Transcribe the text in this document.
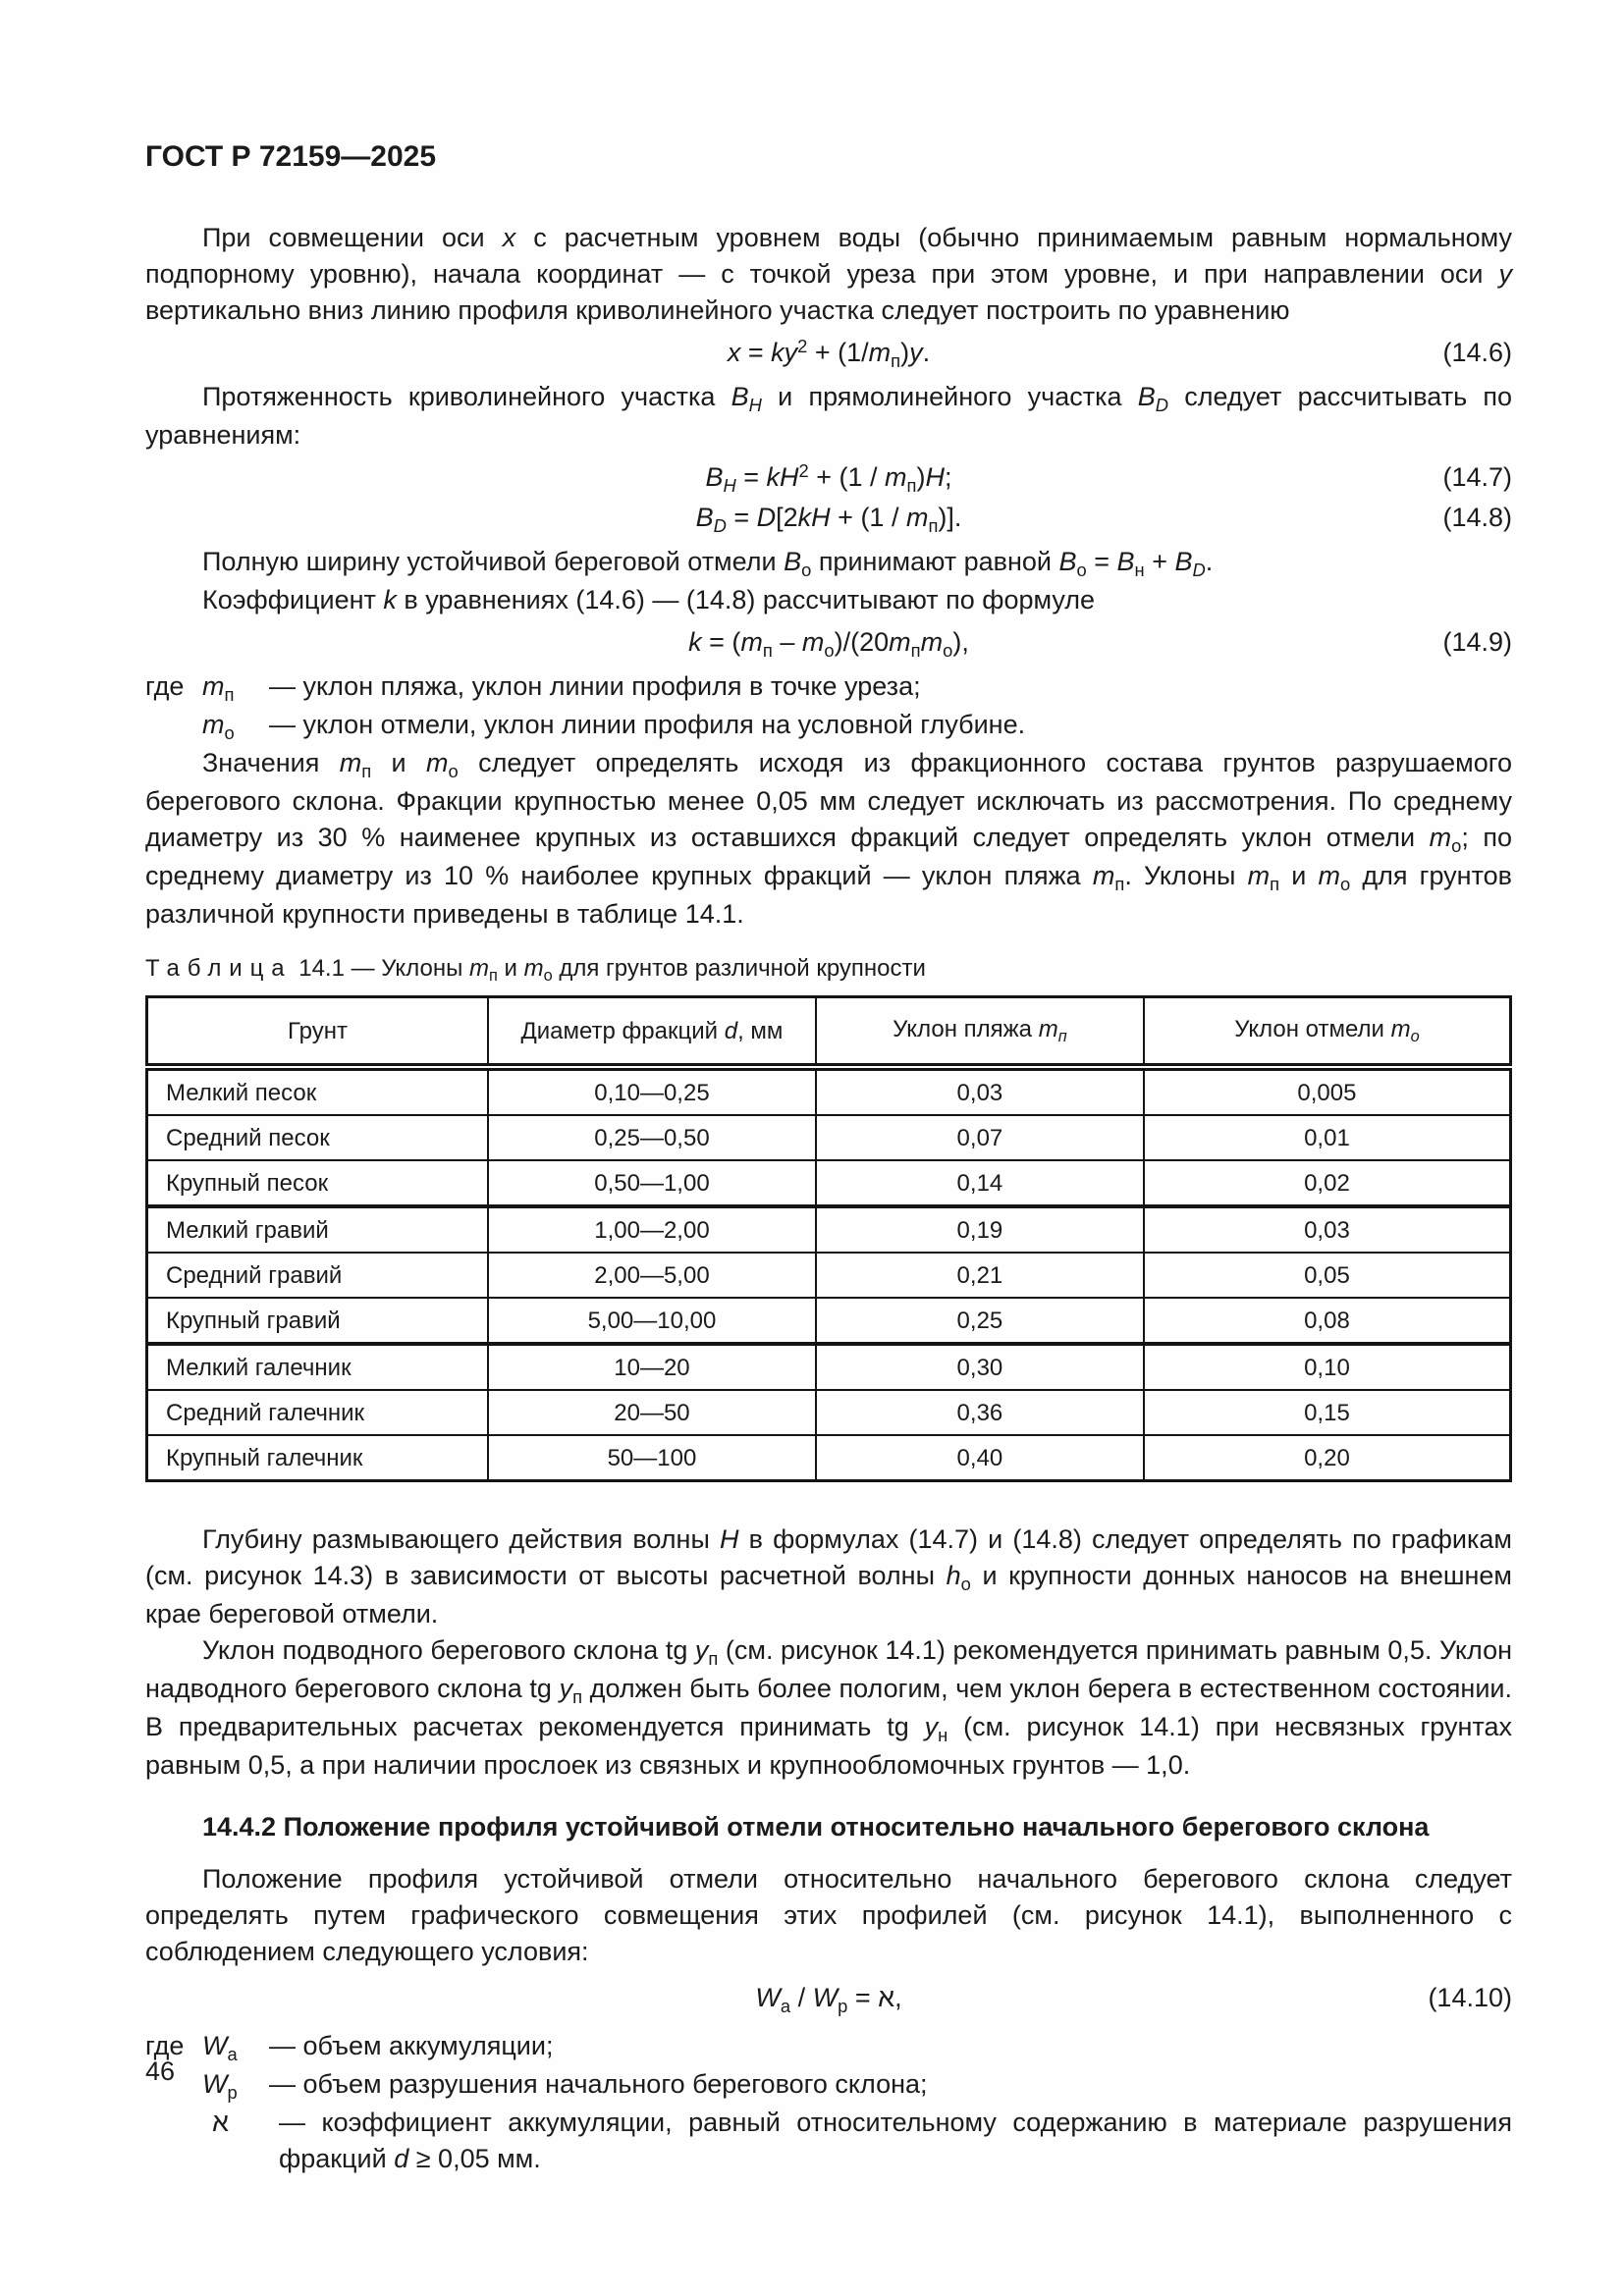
ГОСТ Р 72159—2025

При совмещении оси x с расчетным уровнем воды (обычно принимаемым равным нормальному подпорному уровню), начала координат — с точкой уреза при этом уровне, и при направлении оси y вертикально вниз линию профиля криволинейного участка следует построить по уравнению

$x = ky^2 + (1/m_п)y$.	(14.6)

Протяженность криволинейного участка $B_H$ и прямолинейного участка $B_D$ следует рассчитывать по уравнениям:

$B_H = kH^2 + (1 / m_п)H$;	(14.7)
$B_D = D[2kH + (1 / m_п)]$.	(14.8)

Полную ширину устойчивой береговой отмели $B_о$ принимают равной $B_о = B_н + B_D$.

Коэффициент k в уравнениях (14.6) — (14.8) рассчитывают по формуле

$k = (m_п - m_о)/(20m_пm_о)$,	(14.9)
где $m_п$	— уклон пляжа, уклон линии профиля в точке уреза;
$m_о$	— уклон отмели, уклон линии профиля на условной глубине.

Значения $m_п$ и $m_о$ следует определять исходя из фракционного состава грунтов разрушаемого берегового склона. Фракции крупностью менее 0,05 мм следует исключать из рассмотрения. По среднему диаметру из 30 % наименее крупных из оставшихся фракций следует определять уклон отмели $m_о$; по среднему диаметру из 10 % наиболее крупных фракций — уклон пляжа $m_п$. Уклоны $m_п$ и $m_о$ для грунтов различной крупности приведены в таблице 14.1.

Таблица 14.1 — Уклоны $m_п$ и $m_о$ для грунтов различной крупности
Грунт	Диаметр фракций d, мм	Уклон пляжа $m_п$	Уклон отмели $m_о$
Мелкий песок	0,10—0,25	0,03	0,005
Средний песок	0,25—0,50	0,07	0,01
Крупный песок	0,50—1,00	0,14	0,02
Мелкий гравий	1,00—2,00	0,19	0,03
Средний гравий	2,00—5,00	0,21	0,05
Крупный гравий	5,00—10,00	0,25	0,08
Мелкий галечник	10—20	0,30	0,10
Средний галечник	20—50	0,36	0,15
Крупный галечник	50—100	0,40	0,20

Глубину размывающего действия волны H в формулах (14.7) и (14.8) следует определять по графикам (см. рисунок 14.3) в зависимости от высоты расчетной волны $h_о$ и крупности донных наносов на внешнем крае береговой отмели.

Уклон подводного берегового склона tg $y_п$ (см. рисунок 14.1) рекомендуется принимать равным 0,5. Уклон надводного берегового склона tg $y_п$ должен быть более пологим, чем уклон берега в естественном состоянии. В предварительных расчетах рекомендуется принимать tg $y_н$ (см. рисунок 14.1) при несвязных грунтах равным 0,5, а при наличии прослоек из связных и крупнообломочных грунтов — 1,0.

14.4.2 Положение профиля устойчивой отмели относительно начального берегового склона

Положение профиля устойчивой отмели относительно начального берегового склона следует определять путем графического совмещения этих профилей (см. рисунок 14.1), выполненного с соблюдением следующего условия:

$W_а / W_р$ = א,	(14.10)
где $W_а$	— объем аккумуляции;
$W_р$	— объем разрушения начального берегового склона;
א	— коэффициент аккумуляции, равный относительному содержанию в материале разрушения фракций d ≥ 0,05 мм.
46
